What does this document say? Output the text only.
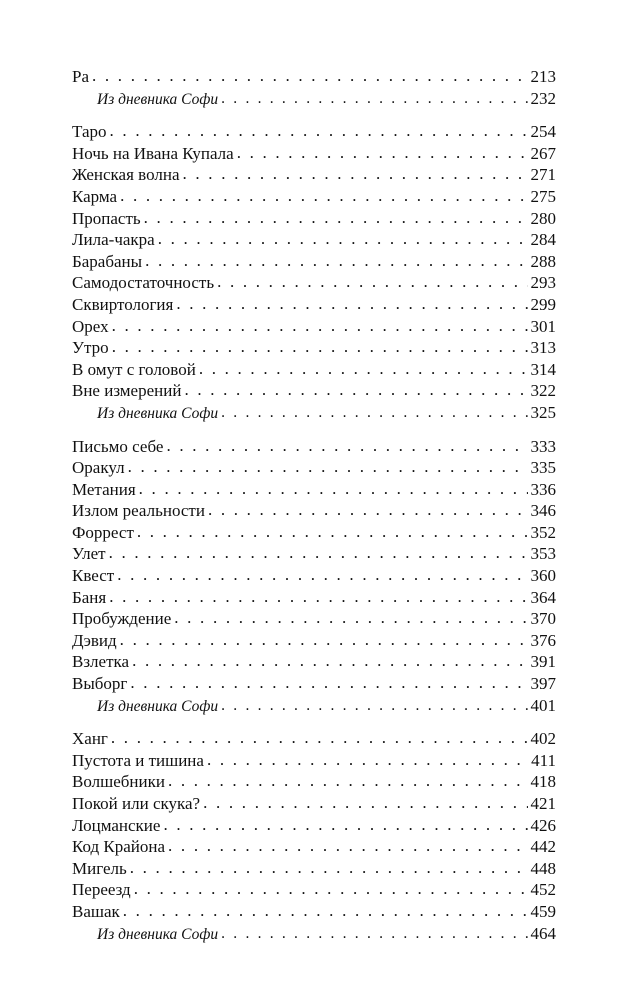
Ра . . .	213
Из дневника Софи . . .	232
Таро . . .	254
Ночь на Ивана Купала . . .	267
Женская волна . . .	271
Карма . . .	275
Пропасть . . .	280
Лила-чакра . . .	284
Барабаны . . .	288
Самодостаточность . . .	293
Сквиртология . . .	299
Орех . . .	301
Утро . . .	313
В омут с головой . . .	314
Вне измерений . . .	322
Из дневника Софи . . .	325
Письмо себе . . .	333
Оракул . . .	335
Метания . . .	336
Излом реальности . . .	346
Форрест . . .	352
Улет . . .	353
Квест . . .	360
Баня . . .	364
Пробуждение . . .	370
Дэвид . . .	376
Взлетка . . .	391
Выборг . . .	397
Из дневника Софи . . .	401
Ханг . . .	402
Пустота и тишина . . .	411
Волшебники . . .	418
Покой или скука? . . .	421
Лоцманские . . .	426
Код Крайона . . .	442
Мигель . . .	448
Переезд . . .	452
Вашак . . .	459
Из дневника Софи . . .	464
